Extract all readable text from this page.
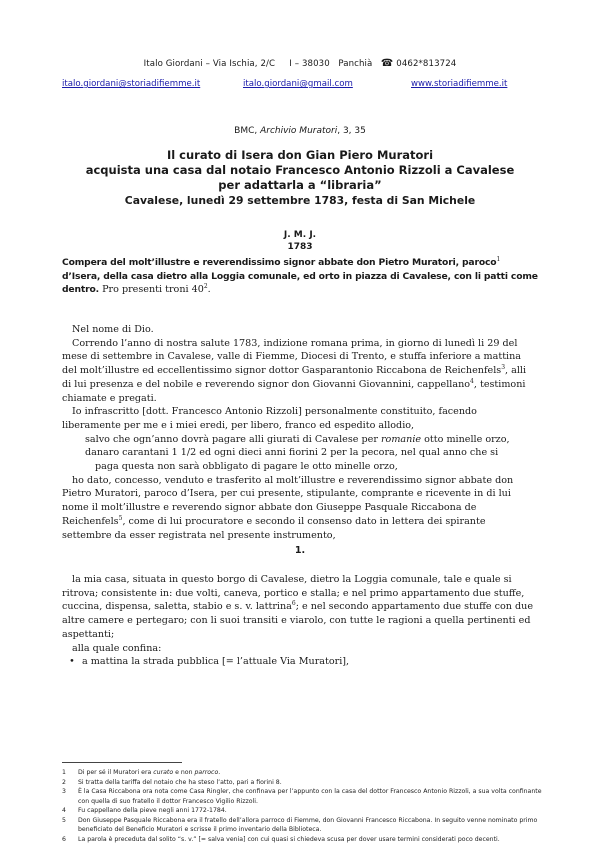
Italo Giordani – Via Ischia, 2/C     I – 38030   Panchià ☎ 0462*813724
italo.giordani@storiadifiemme.it	italo.giordani@gmail.com	www.storiadifiemme.it
BMC, Archivio Muratori, 3, 35
Il curato di Isera don Gian Piero Muratori
acquista una casa dal notaio Francesco Antonio Rizzoli a Cavalese
per adattarla a “libraria”
Cavalese, lunedì 29 settembre 1783, festa di San Michele
J. M. J.
1783

Compera del molt’illustre e reverendissimo signor abbate don Pietro Muratori, paroco$^1$ d’Isera, della casa dietro alla Loggia comunale, ed orto in piazza di Cavalese, con li patti come dentro. Pro presenti troni $40^2$.

Nel nome di Dio.

Correndo l’anno di nostra salute 1783, indizione romana prima, in giorno di lunedì li 29 del mese di settembre in Cavalese, valle di Fiemme, Diocesi di Trento, e stuffa inferiore a mattina del molt’illustre ed eccellentissimo signor dottor Gasparantonio Riccabona de Reichenfels$^3$, alli di lui presenza e del nobile e reverendo signor don Giovanni Giovannini, cappellano$^4$, testimoni chiamate e pregati.

Io infrascritto [dott. Francesco Antonio Rizzoli] personalmente constituito, facendo liberamente per me e i miei eredi, per libero, franco ed espedito allodio,

salvo che ogn’anno dovrà pagare alli giurati di Cavalese per romanie otto minelle orzo,

danaro carantani 1 1/2 ed ogni dieci anni fiorini 2 per la pecora, nel qual anno che si

paga questa non sarà obbligato di pagare le otto minelle orzo,

ho dato, concesso, venduto e trasferito al molt’illustre e reverendissimo signor abbate don Pietro Muratori, paroco d’Isera, per cui presente, stipulante, comprante e ricevente in di lui nome il molt’illustre e reverendo signor abbate don Giuseppe Pasquale Riccabona de Reichenfels$^5$, come di lui procuratore e secondo il consenso dato in lettera dei spirante settembre da esser registrata nel presente instrumento,

1.

la mia casa, situata in questo borgo di Cavalese, dietro la Loggia comunale, tale e quale si ritrova; consistente in: due volti, caneva, portico e stalla; e nel primo appartamento due stuffe, cuccina, dispensa, saletta, stabio e s. v. lattrina$^6$; e nel secondo appartamento due stuffe con due altre camere e pertegaro; con li suoi transiti e viarolo, con tutte le ragioni a quella pertinenti ed aspettanti;

alla quale confina:

• a mattina la strada pubblica [= l’attuale Via Muratori],

1	Di per sé il Muratori era curato e non parroco.
2	Si tratta della tariffa del notaio che ha steso l’atto, pari a fiorini 8.
3	È la Casa Riccabona ora nota come Casa Ringler, che confinava per l’appunto con la casa del dottor Francesco Antonio Rizzoli, a sua volta confinante con quella di suo fratello il dottor Francesco Vigilio Rizzoli.
4	Fu cappellano della pieve negli anni 1772-1784.
5	Don Giuseppe Pasquale Riccabona era il fratello dell’allora parroco di Fiemme, don Giovanni Francesco Riccabona. In seguito venne nominato primo beneficiato del Beneficio Muratori e scrisse il primo inventario della Biblioteca.
6	La parola è preceduta dal solito “s. v.” [= salva venia] con cui quasi si chiedeva scusa per dover usare termini considerati poco decenti.
